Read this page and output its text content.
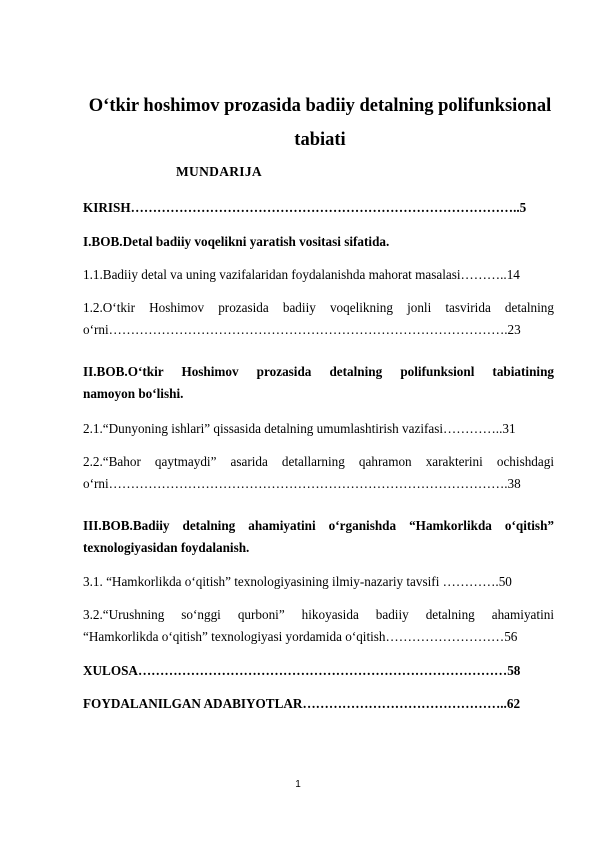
O‘tkir hoshimov prozasida badiiy detalning polifunksional
tabiati
MUNDARIJA
KIRISH……………………………………………………………………………..5
I.BOB.Detal badiiy voqelikni yaratish vositasi sifatida.
1.1.Badiiy detal va uning vazifalaridan foydalanishda mahorat masalasi………..14
1.2.O‘tkir Hoshimov prozasida badiiy voqelikning jonli tasvirida detalning
o‘rni……………………………………………………………………………….23
II.BOB.O‘tkir Hoshimov prozasida detalning polifunksionl tabiatining
namoyon bo‘lishi.
2.1.“Dunyoning ishlari” qissasida detalning umumlashtirish vazifasi…………..31
2.2.“Bahor qaytmaydi” asarida detallarning qahramon xarakterini ochishdagi
o‘rni……………………………………………………………………………….38
III.BOB.Badiiy detalning ahamiyatini o‘rganishda “Hamkorlikda o‘qitish”
texnologiyasidan foydalanish.
3.1. “Hamkorlikda o‘qitish” texnologiyasining ilmiy-nazariy tavsifi ………….50
3.2.“Urushning so‘nggi qurboni” hikoyasida badiiy detalning ahamiyatini
“Hamkorlikda o‘qitish” texnologiyasi yordamida o‘qitish………………………56
XULOSA…………………………………………………………………………58
FOYDALANILGAN ADABIYOTLAR………………………………………..62
1
